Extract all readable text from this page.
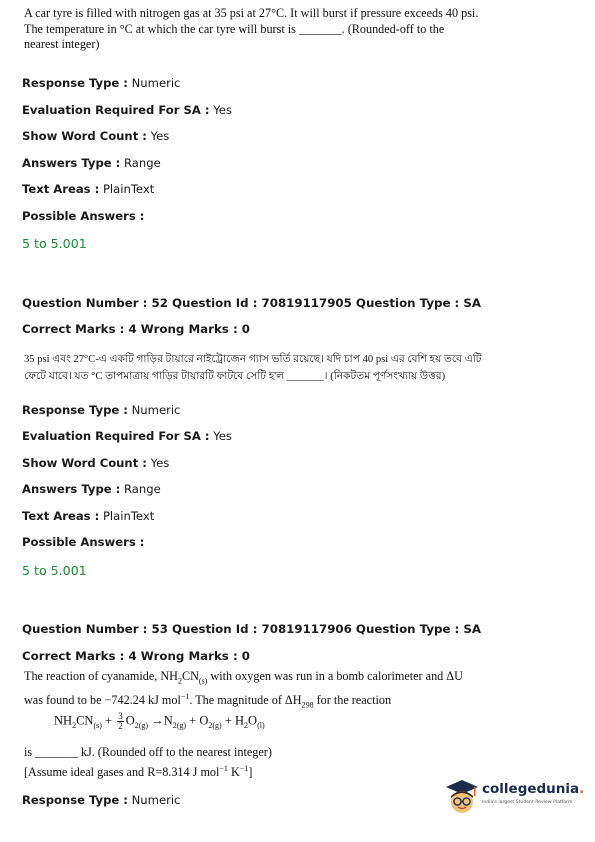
A car tyre is filled with nitrogen gas at 35 psi at 27°C. It will burst if pressure exceeds 40 psi.
The temperature in °C at which the car tyre will burst is _______. (Rounded-off to the
nearest integer)
Response Type : Numeric
Evaluation Required For SA : Yes
Show Word Count : Yes
Answers Type : Range
Text Areas : PlainText
Possible Answers :
5 to 5.001
Question Number : 52 Question Id : 70819117905 Question Type : SA
Correct Marks : 4 Wrong Marks : 0
35 psi এবং 27°C-এ একটি গাড়ির টায়ারে নাইট্রোজেন গ্যাস ভর্তি রয়েছে। যদি চাপ 40 psi এর বেশি হয় তবে এটি
ফেটে যাবে। যত °C তাপমাত্রায় গাড়ির টায়ারটি ফাটবে সেটি হ'ল _______। (নিকটতম পূর্ণসংখ্যায় উত্তর)
Response Type : Numeric
Evaluation Required For SA : Yes
Show Word Count : Yes
Answers Type : Range
Text Areas : PlainText
Possible Answers :
5 to 5.001
Question Number : 53 Question Id : 70819117906 Question Type : SA
Correct Marks : 4 Wrong Marks : 0
The reaction of cyanamide, $NH_2CN_{(s)}$ with oxygen was run in a bomb calorimeter and ΔU
was found to be −742.24 kJ mol$^{-1}$. The magnitude of $\Delta H_{298}$ for the reaction
$NH_2CN_{(s)} + \frac{3}{2} O_{2(g)} \to N_{2(g)} + O_{2(g)} + H_2O_{(l)}$
is _______ kJ. (Rounded off to the nearest integer)
[Assume ideal gases and R=8.314 J mol$^{-1}$ $K^{-1}$]
Response Type : Numeric
collegedunia.
India's largest Student Review Platform
